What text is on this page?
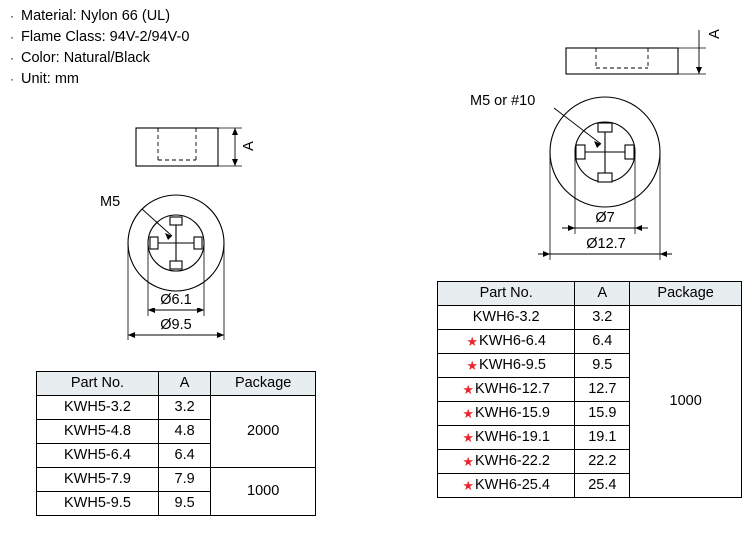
· Material: Nylon 66 (UL)
· Flame Class: 94V-2/94V-0
· Color: Natural/Black
· Unit: mm
A
M5
Ø6.1
Ø9.5
Part No.	A	Package
KWH5-3.2	3.2	2000
KWH5-4.8	4.8	
KWH5-6.4	6.4	
KWH5-7.9	7.9	1000
KWH5-9.5	9.5	
A
M5 or #10
Ø7
Ø12.7
Part No.	A	Package

KWH6-3.2	3.2	1000

★ KWH6-6.4	6.4	

★ KWH6-9.5	9.5	

★ KWH6-12.7	12.7	

★ KWH6-15.9	15.9	

★ KWH6-19.1	19.1	

★ KWH6-22.2	22.2	

★ KWH6-25.4	25.4	
